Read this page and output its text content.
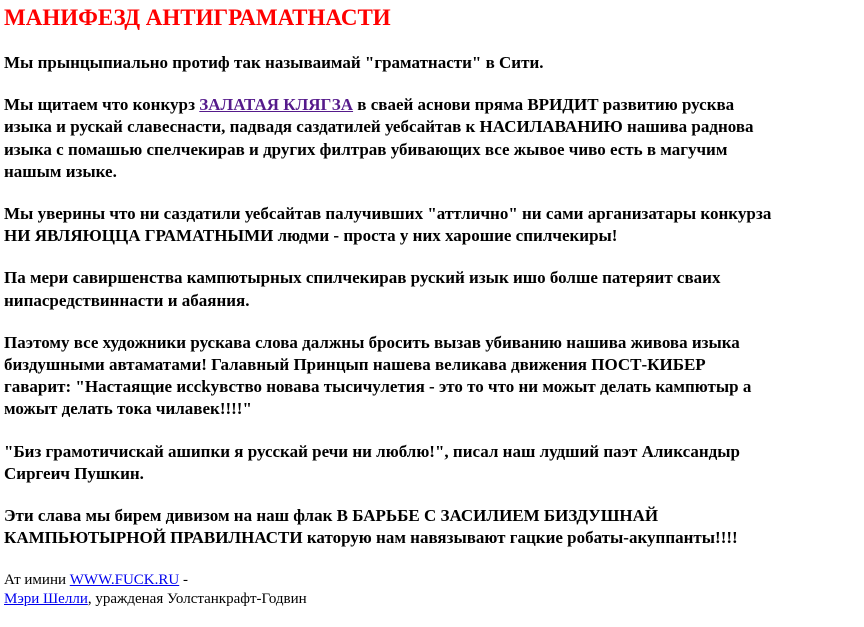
МАНИФЕЗД АНТИГРАМАТНАСТИ

Мы прынцыпиально протиф так называимай "граматнасти" в Сити.

Мы щитаем что конкурз ЗАЛАТАЯ КЛЯГЗА в сваей аснови пряма ВРИДИТ развитию русква
изыка и рускай славеснасти, падвадя саздатилей уебсайтав к НАСИЛАВАНИЮ нашива раднова
изыка с помашью спелчекирав и других филтрав убивающих все жывое чиво есть в магучим
нашым изыке.

Мы уверины что ни саздатили уебсайтав палучивших "аттлично" ни сами арганизатары конкурза
НИ ЯВЛЯЮЦЦА ГРАМАТНЫМИ людми - проста у них харошие спилчекиры!

Па мери савиршенства кампютырных спилчекирав руский изык ишо болше патеряит сваих
нипасредствиннасти и абаяния.

Паэтому все художники рускава слова далжны бросить вызав убиванию нашива живова изыка
биздушными автаматами! Галавный Принцып нашева великава движения ПОСТ-КИБЕР
гаварит: "Настаящие иссkувство новава тысичулетия - это то что ни можыт делать кампютыр а
можыт делать тока чилавек!!!!"

"Биз грамотичискай ашипки я русскай речи ни люблю!", писал наш лудший паэт Аликсандыр
Сиргеич Пушкин.

Эти слава мы бирем дивизом на наш флак В БАРЬБЕ С ЗАСИЛИЕМ БИЗДУШНАЙ
КАМПЬЮТЫРНОЙ ПРАВИЛНАСТИ каторую нам навязывают гацкие робаты-акуппанты!!!!

Ат имини WWW.FUCK.RU -
Мэри Шелли, уражденая Уолстанкрафт-Годвин
